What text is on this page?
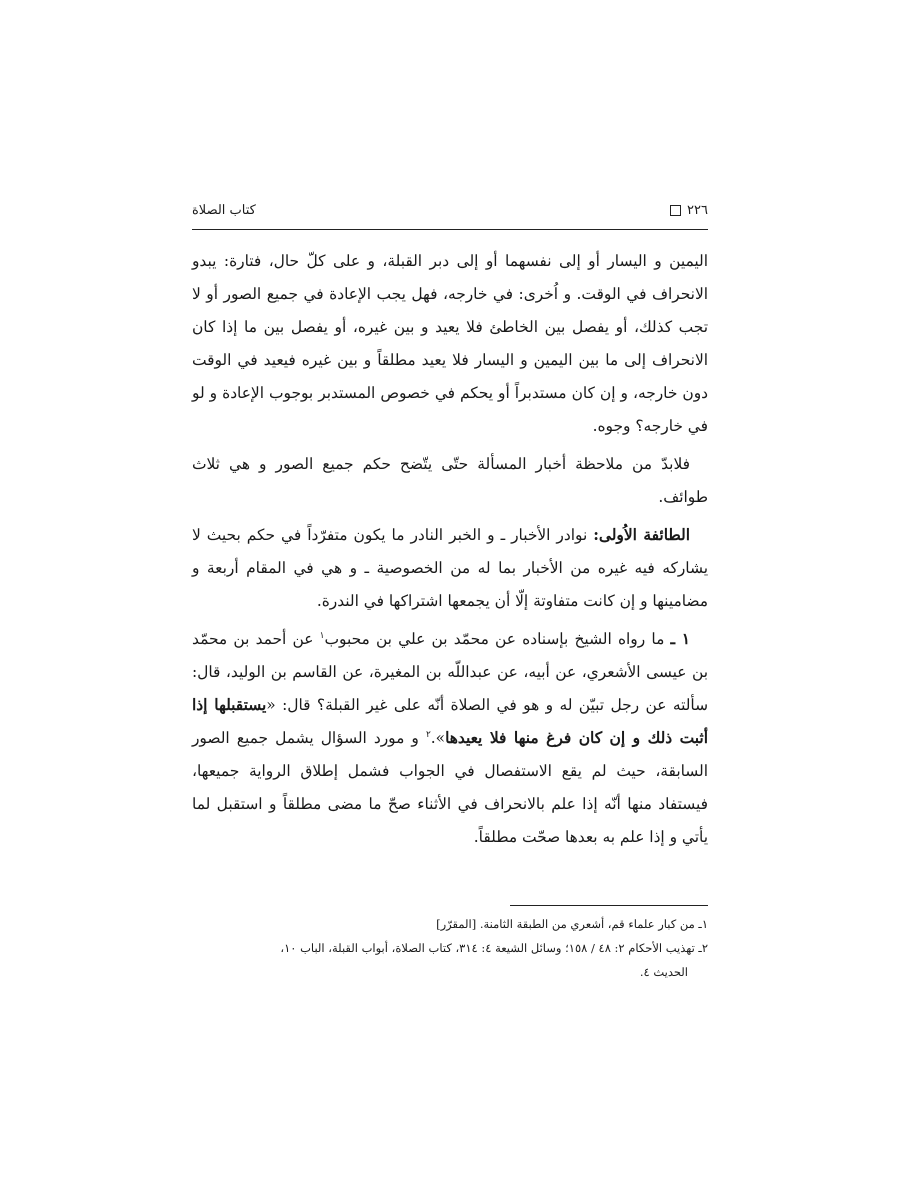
٢٢٦
كتاب الصلاة

اليمين و اليسار أو إلى نفسهما أو إلى دبر القبلة، و على كلّ حال، فتارة: يبدو الانحراف في الوقت. و اُخرى: في خارجه، فهل يجب الإعادة في جميع الصور أو لا تجب كذلك، أو يفصل بين الخاطئ فلا يعيد و بين غيره، أو يفصل بين ما إذا كان الانحراف إلى ما بين اليمين و اليسار فلا يعيد مطلقاً و بين غيره فيعيد في الوقت دون خارجه، و إن كان مستدبراً أو يحكم في خصوص المستدبر بوجوب الإعادة و لو في خارجه؟ وجوه.

فلابدّ من ملاحظة أخبار المسألة حتّى يتّضح حكم جميع الصور و هي ثلاث طوائف.

الطائفة الاُولى: نوادر الأخبار ـ و الخبر النادر ما يكون متفرّداً في حكم بحيث لا يشاركه فيه غيره من الأخبار بما له من الخصوصية ـ و هي في المقام أربعة و مضامينها و إن كانت متفاوتة إلّا أن يجمعها اشتراكها في الندرة.

١ ـ ما رواه الشيخ بإسناده عن محمّد بن علي بن محبوب$^١$ عن أحمد بن محمّد بن عيسى الأشعري، عن أبيه، عن عبداللّه بن المغيرة، عن القاسم بن الوليد، قال: سألته عن رجل تبيّن له و هو في الصلاة أنّه على غير القبلة؟ قال: «يستقبلها إذا أثبت ذلك و إن كان فرغ منها فلا يعيدها».$^٢$ و مورد السؤال يشمل جميع الصور السابقة، حيث لم يقع الاستفصال في الجواب فشمل إطلاق الرواية جميعها، فيستفاد منها أنّه إذا علم بالانحراف في الأثناء صحّ ما مضى مطلقاً و استقبل لما يأتي و إذا علم به بعدها صحّت مطلقاً.

١ـ من كبار علماء قم، أشعري من الطبقة الثامنة. [المقرّر]

٢ـ تهذيب الأحكام ٢: ٤٨ / ١٥٨؛ وسائل الشيعة ٤: ٣١٤، كتاب الصلاة، أبواب القبلة، الباب ١٠،

الحديث ٤.
